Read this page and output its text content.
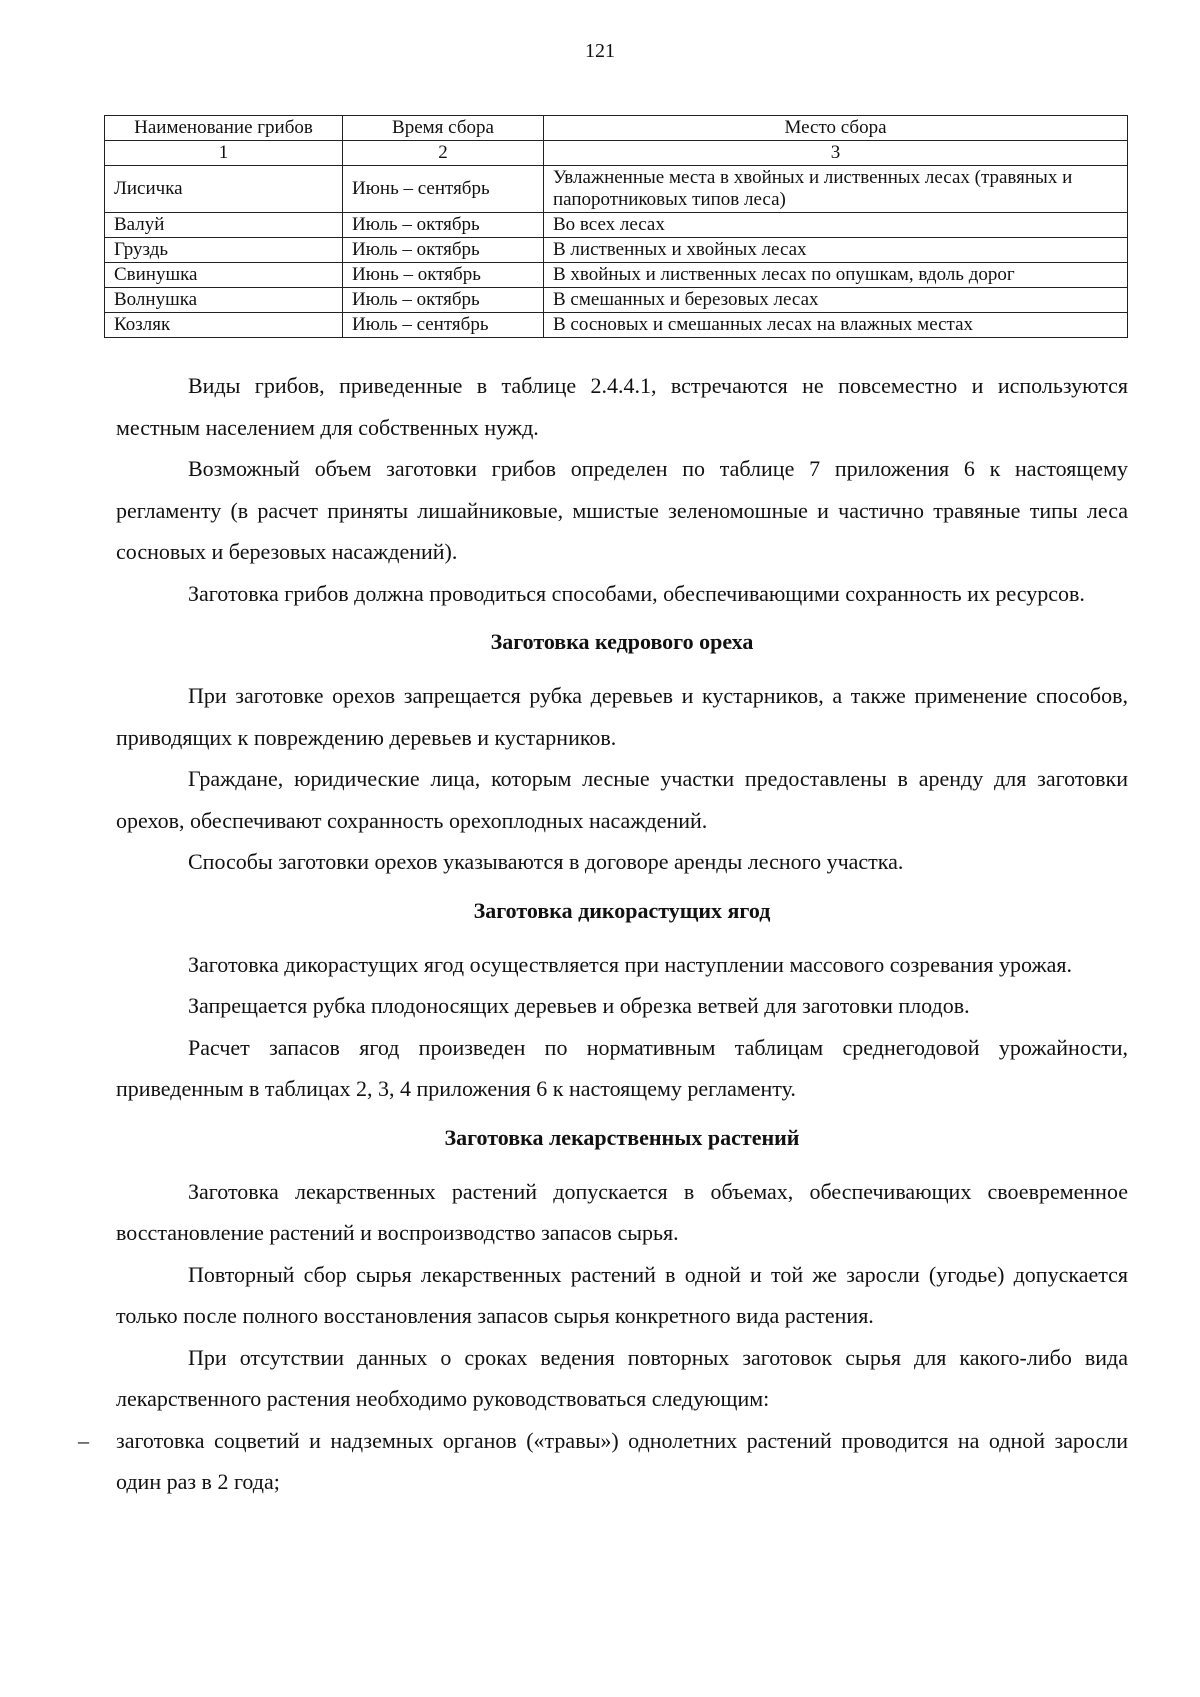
121
Наименование грибов	Время сбора	Место сбора
1	2	3
Лисичка	Июнь – сентябрь	Увлажненные места в хвойных и лиственных лесах (травяных и папоротниковых типов леса)
Валуй	Июль – октябрь	Во всех лесах
Груздь	Июль – октябрь	В лиственных и хвойных лесах
Свинушка	Июнь – октябрь	В хвойных и лиственных лесах по опушкам, вдоль дорог
Волнушка	Июль – октябрь	В смешанных и березовых лесах
Козляк	Июль – сентябрь	В сосновых и смешанных лесах на влажных местах

Виды грибов, приведенные в таблице 2.4.4.1, встречаются не повсеместно и используются местным населением для собственных нужд.

Возможный объем заготовки грибов определен по таблице 7 приложения 6 к настоящему регламенту (в расчет приняты лишайниковые, мшистые зеленомошные и частично травяные типы леса сосновых и березовых насаждений).

Заготовка грибов должна проводиться способами, обеспечивающими сохранность их ресурсов.

Заготовка кедрового ореха

При заготовке орехов запрещается рубка деревьев и кустарников, а также применение способов, приводящих к повреждению деревьев и кустарников.

Граждане, юридические лица, которым лесные участки предоставлены в аренду для заготовки орехов, обеспечивают сохранность орехоплодных насаждений.

Способы заготовки орехов указываются в договоре аренды лесного участка.

Заготовка дикорастущих ягод

Заготовка дикорастущих ягод осуществляется при наступлении массового созревания урожая.

Запрещается рубка плодоносящих деревьев и обрезка ветвей для заготовки плодов.

Расчет запасов ягод произведен по нормативным таблицам среднегодовой урожайности, приведенным в таблицах 2, 3, 4 приложения 6 к настоящему регламенту.

Заготовка лекарственных растений

Заготовка лекарственных растений допускается в объемах, обеспечивающих своевременное восстановление растений и воспроизводство запасов сырья.

Повторный сбор сырья лекарственных растений в одной и той же заросли (угодье) допускается только после полного восстановления запасов сырья конкретного вида растения.

При отсутствии данных о сроках ведения повторных заготовок сырья для какого-либо вида лекарственного растения необходимо руководствоваться следующим:

– заготовка соцветий и надземных органов («травы») однолетних растений проводится на одной заросли один раз в 2 года;
